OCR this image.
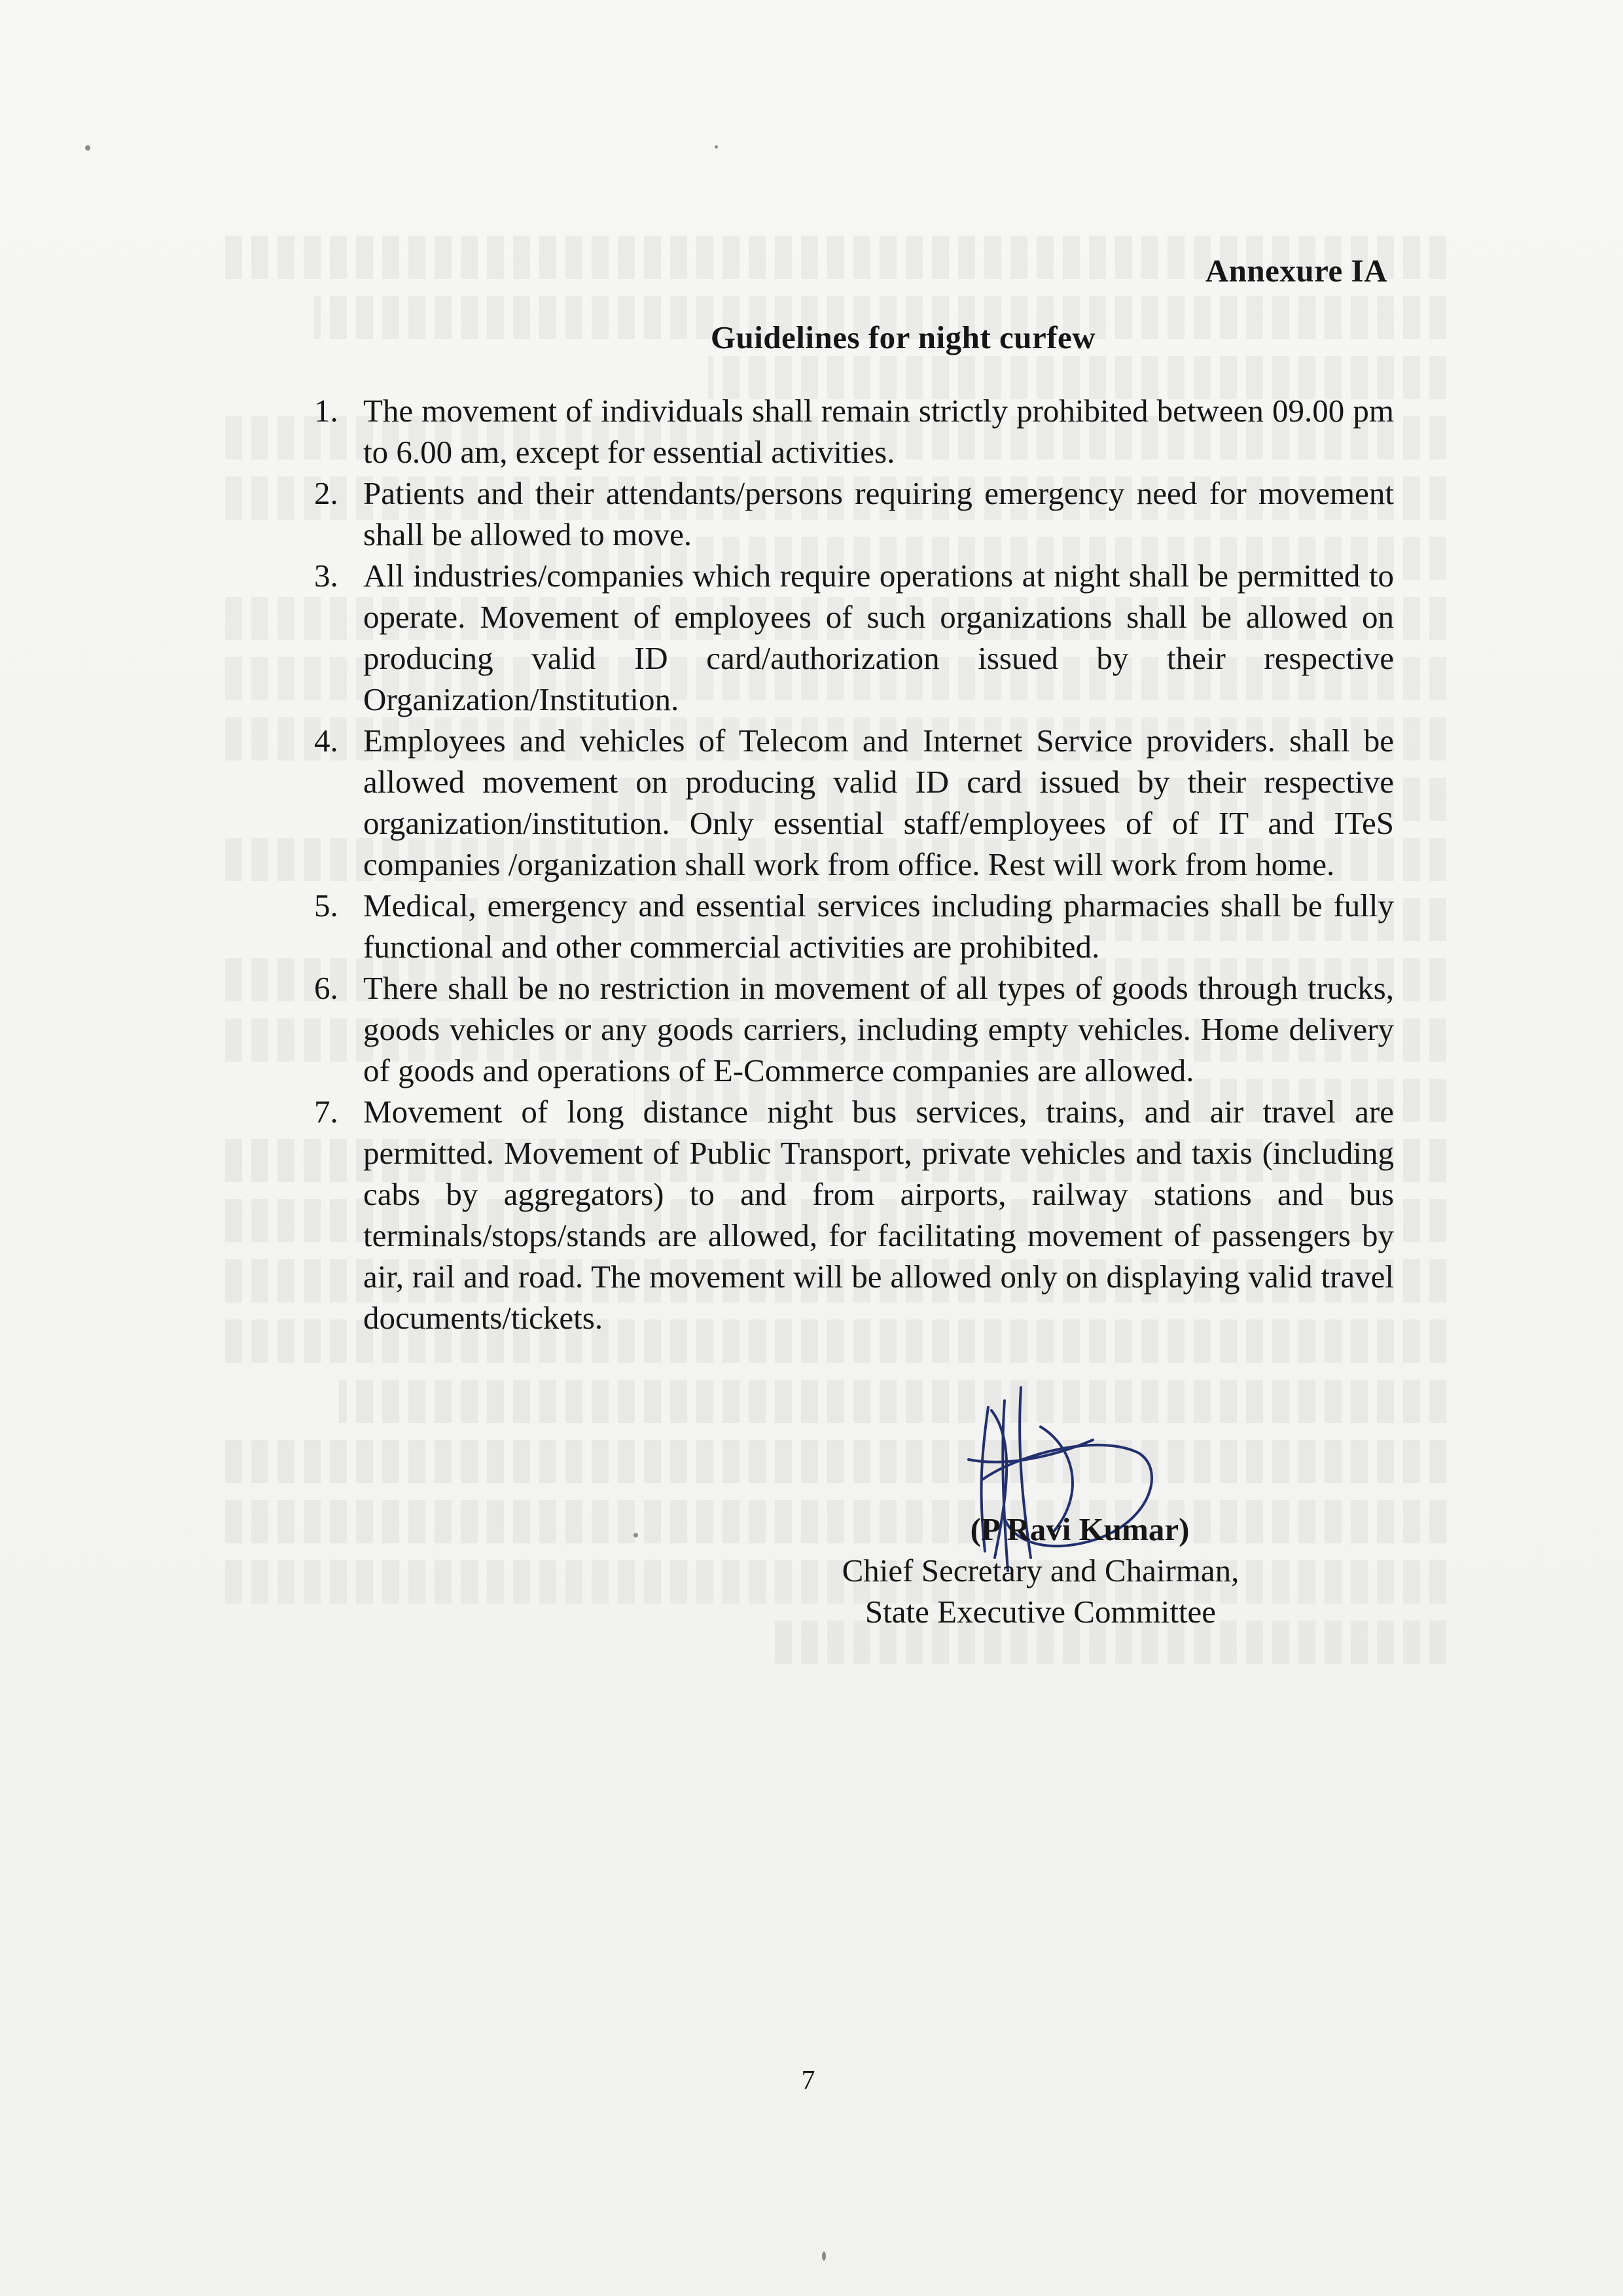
Annexure IA
Guidelines for night curfew
1. The movement of individuals shall remain strictly prohibited between 09.00 pm to 6.00 am, except for essential activities.
2. Patients and their attendants/persons requiring emergency need for movement shall be allowed to move.
3. All industries/companies which require operations at night shall be permitted to operate. Movement of employees of such organizations shall be allowed on producing valid ID card/authorization issued by their respective Organization/Institution.
4. Employees and vehicles of Telecom and Internet Service providers. shall be allowed movement on producing valid ID card issued by their respective organization/institution. Only essential staff/employees of of IT and ITeS companies /organization shall work from office. Rest will work from home.
5. Medical, emergency and essential services including pharmacies shall be fully functional and other commercial activities are prohibited.
6. There shall be no restriction in movement of all types of goods through trucks, goods vehicles or any goods carriers, including empty vehicles. Home delivery of goods and operations of E-Commerce companies are allowed.
7. Movement of long distance night bus services, trains, and air travel are permitted. Movement of Public Transport, private vehicles and taxis (including cabs by aggregators) to and from airports, railway stations and bus terminals/stops/stands are allowed, for facilitating movement of passengers by air, rail and road. The movement will be allowed only on displaying valid travel documents/tickets.
(P Ravi Kumar)
Chief Secretary and Chairman,
State Executive Committee
7
